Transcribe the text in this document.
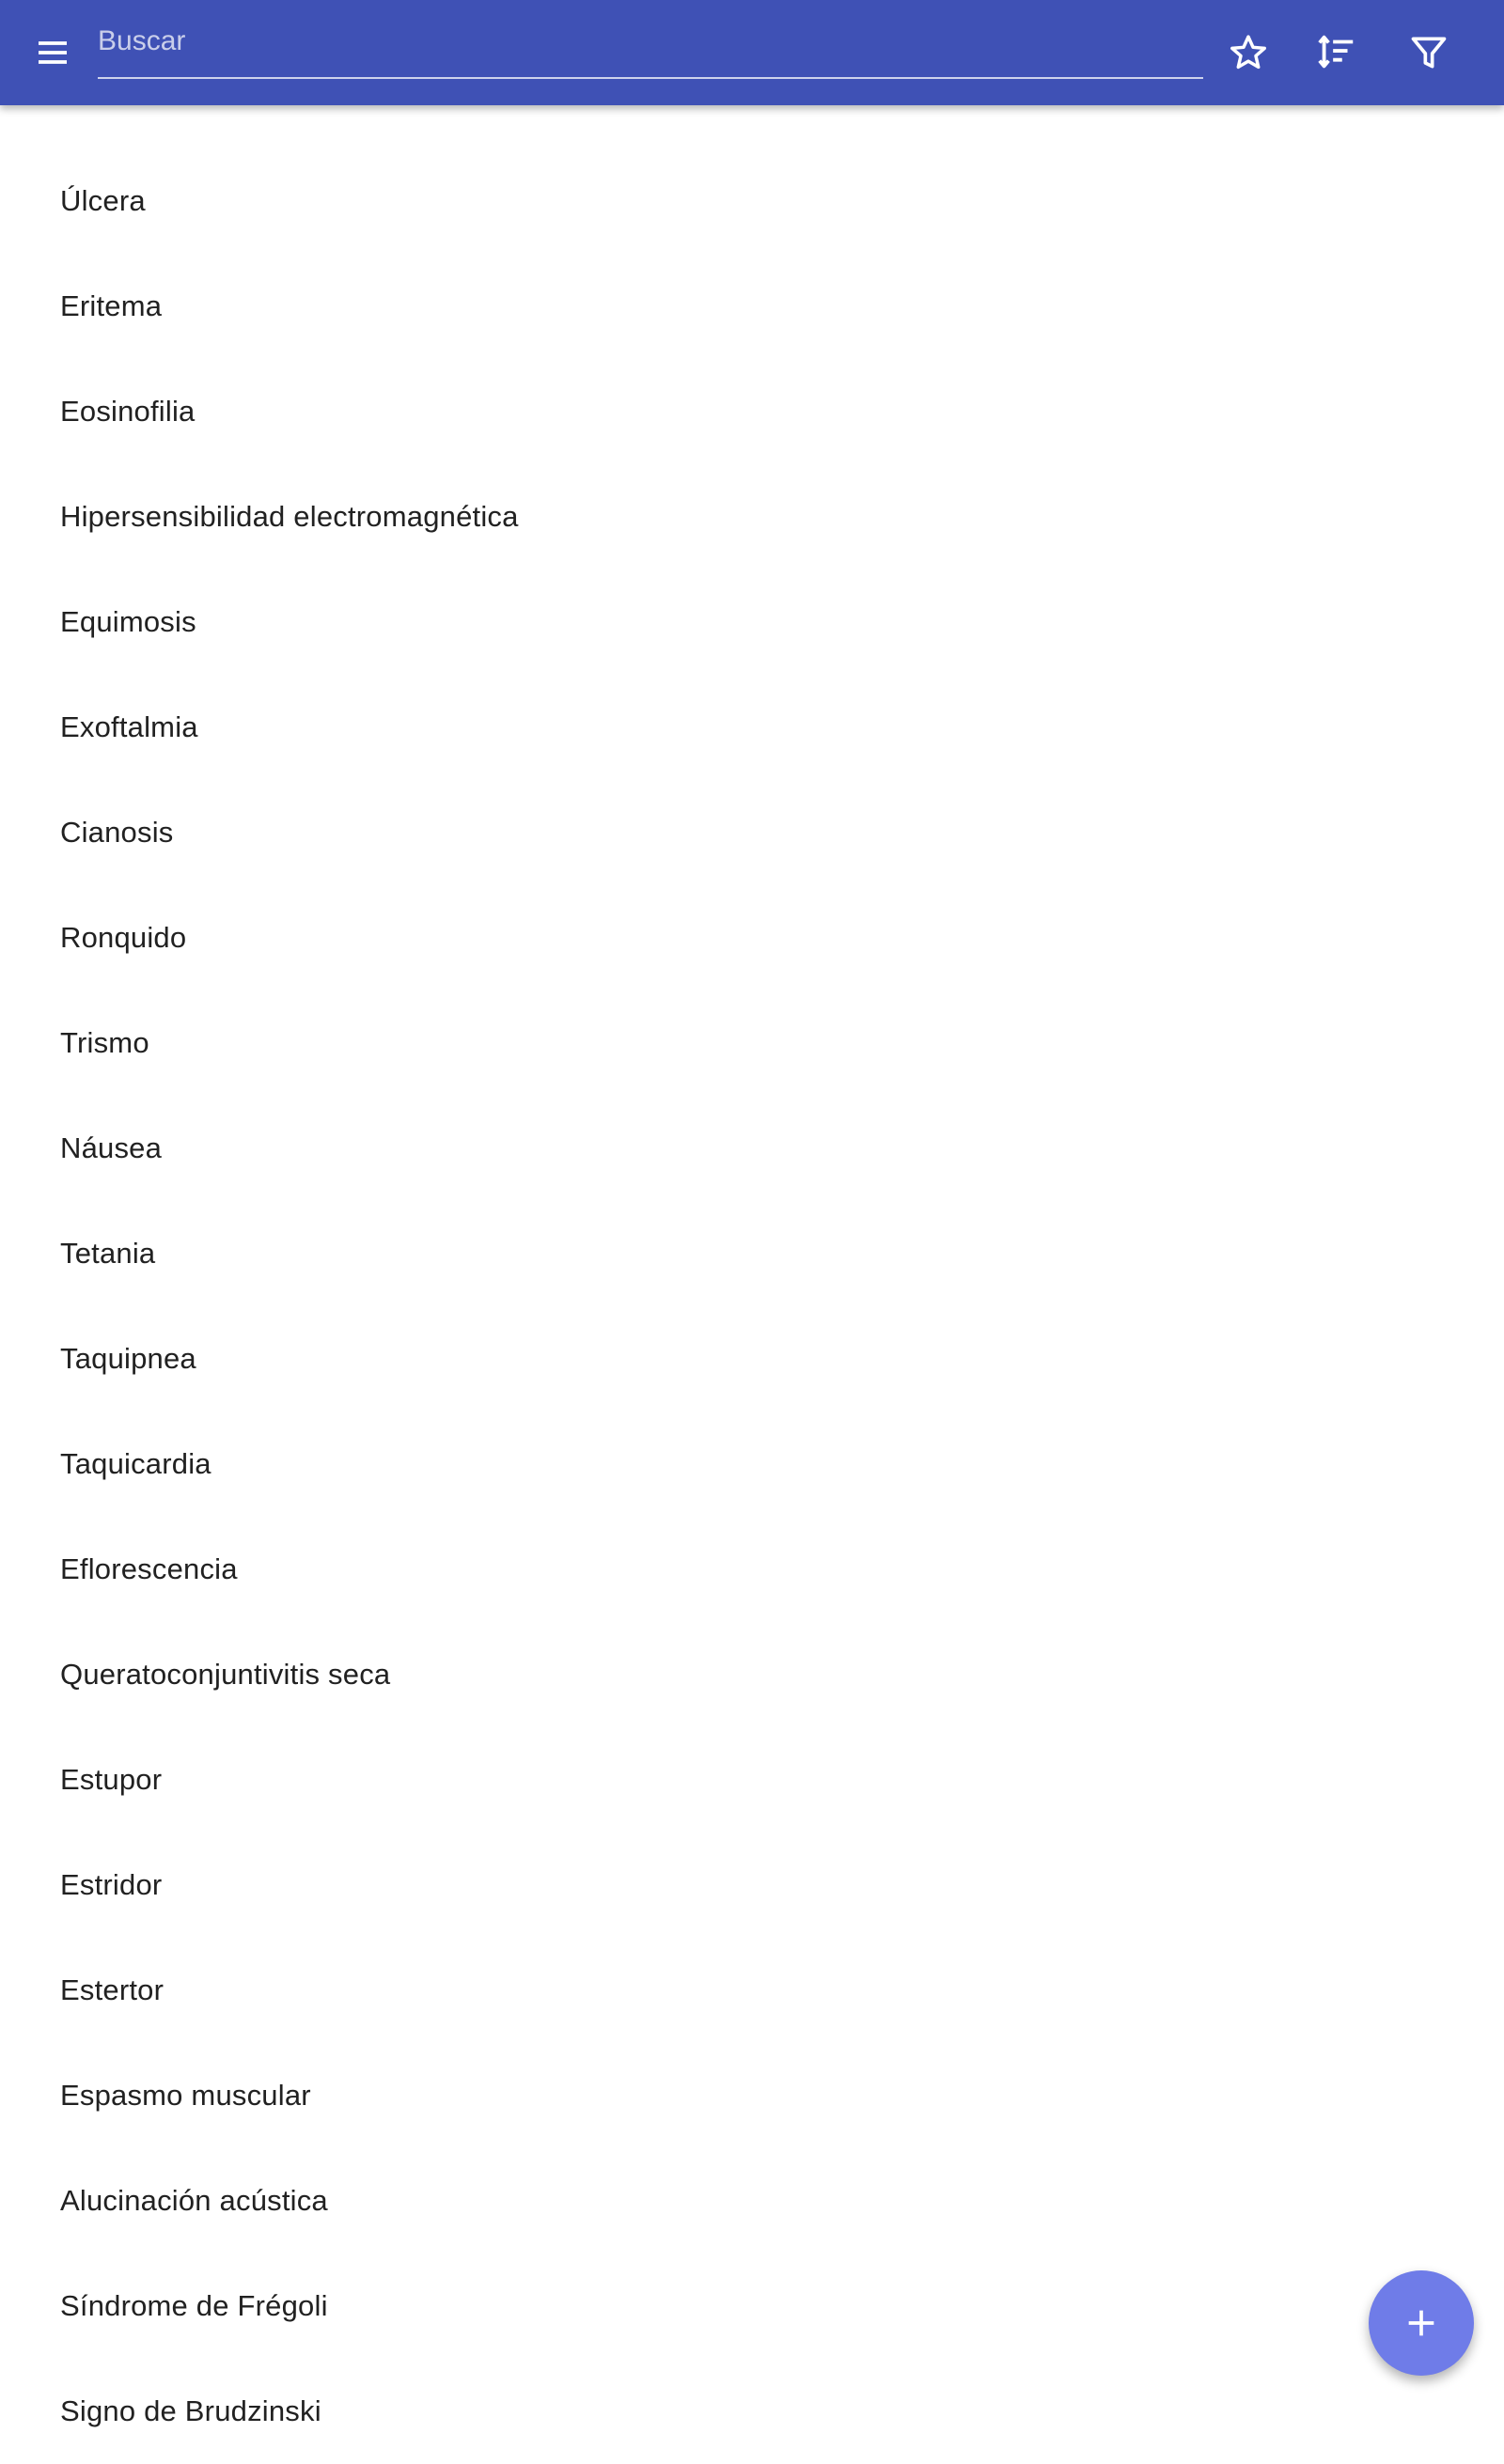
Buscar
Úlcera
Eritema
Eosinofilia
Hipersensibilidad electromagnética
Equimosis
Exoftalmia
Cianosis
Ronquido
Trismo
Náusea
Tetania
Taquipnea
Taquicardia
Eflorescencia
Queratoconjuntivitis seca
Estupor
Estridor
Estertor
Espasmo muscular
Alucinación acústica
Síndrome de Frégoli
Signo de Brudzinski
